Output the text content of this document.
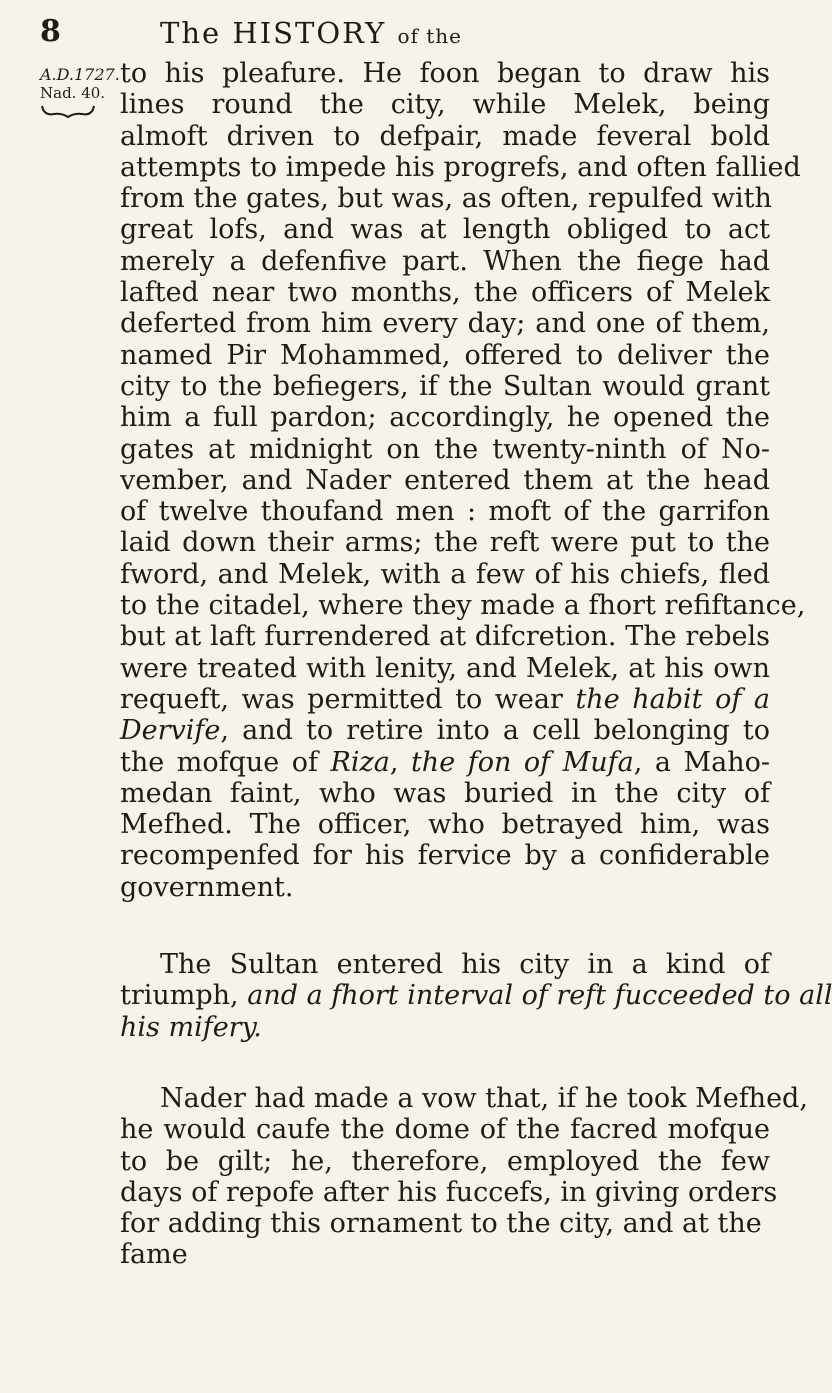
8	The HISTORY of the
A.D.1727.
Nad. 40.
to his pleafure. He foon began to draw his
lines round the city, while Melek, being
almoft driven to defpair, made feveral bold
attempts to impede his progrefs, and often fallied
from the gates, but was, as often, repulfed with
great lofs, and was at length obliged to act
merely a defenfive part. When the fiege had
lafted near two months, the officers of Melek
deferted from him every day; and one of them,
named Pir Mohammed, offered to deliver the
city to the befiegers, if the Sultan would grant
him a full pardon; accordingly, he opened the
gates at midnight on the twenty-ninth of No-
vember, and Nader entered them at the head
of twelve thoufand men : moft of the garrifon
laid down their arms; the reft were put to the
fword, and Melek, with a few of his chiefs, fled
to the citadel, where they made a fhort refiftance,
but at laft furrendered at difcretion. The rebels
were treated with lenity, and Melek, at his own
requeft, was permitted to wear the habit of a
Dervife, and to retire into a cell belonging to
the mofque of Riza, the fon of Mufa, a Maho-
medan faint, who was buried in the city of
Mefhed. The officer, who betrayed him, was
recompenfed for his fervice by a confiderable
government.
The Sultan entered his city in a kind of
triumph, and a fhort interval of reft fucceeded to all
his mifery.
Nader had made a vow that, if he took Mefhed,
he would caufe the dome of the facred mofque
to be gilt; he, therefore, employed the few
days of repofe after his fuccefs, in giving orders
for adding this ornament to the city, and at the
fame
